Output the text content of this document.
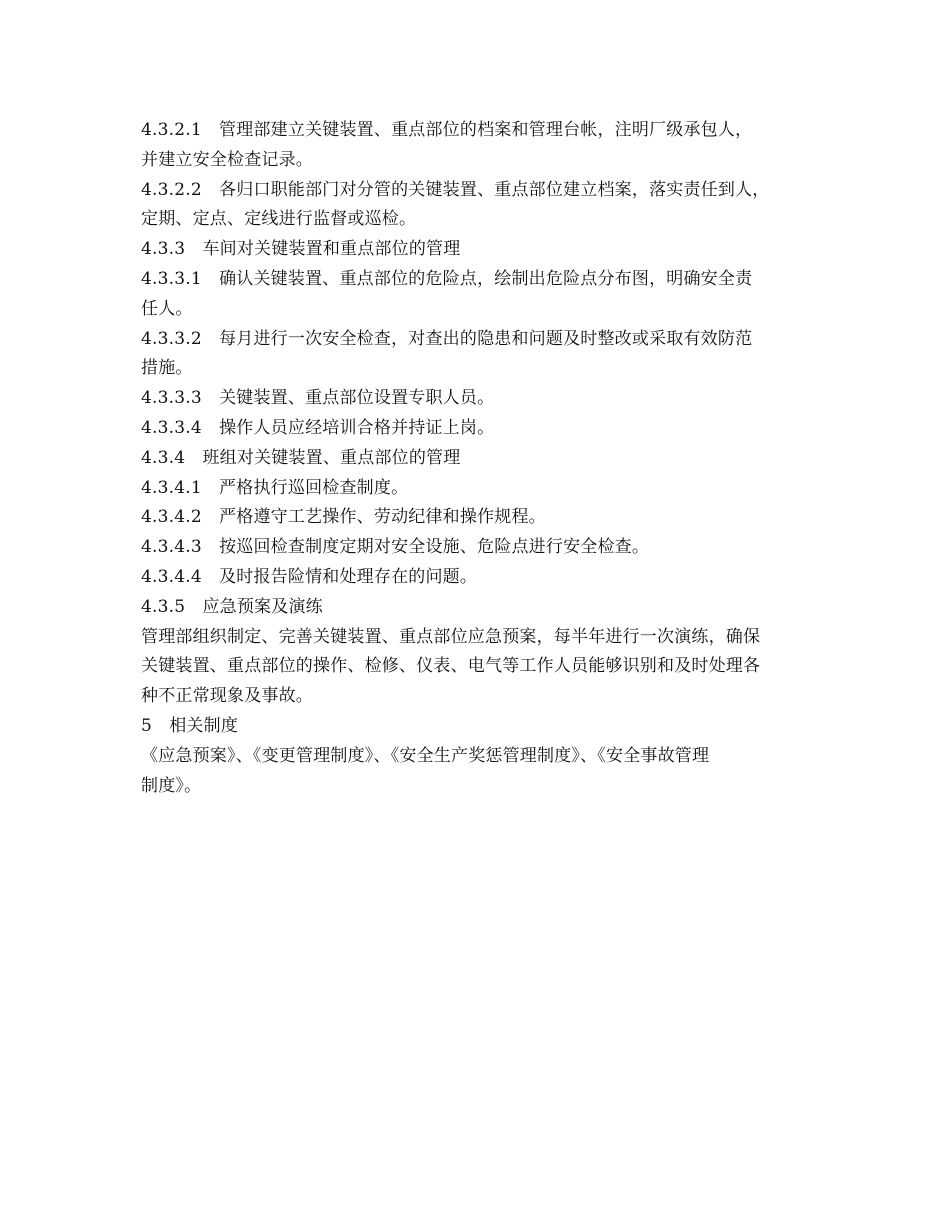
4.3.2.1　管理部建立关键装置、重点部位的档案和管理台帐，注明厂级承包人，

并建立安全检查记录。

4.3.2.2　各归口职能部门对分管的关键装置、重点部位建立档案，落实责任到人，

定期、定点、定线进行监督或巡检。

4.3.3　车间对关键装置和重点部位的管理

4.3.3.1　确认关键装置、重点部位的危险点，绘制出危险点分布图，明确安全责

任人。

4.3.3.2　每月进行一次安全检查，对查出的隐患和问题及时整改或采取有效防范

措施。

4.3.3.3　关键装置、重点部位设置专职人员。

4.3.3.4　操作人员应经培训合格并持证上岗。

4.3.4　班组对关键装置、重点部位的管理

4.3.4.1　严格执行巡回检查制度。

4.3.4.2　严格遵守工艺操作、劳动纪律和操作规程。

4.3.4.3　按巡回检查制度定期对安全设施、危险点进行安全检查。

4.3.4.4　及时报告险情和处理存在的问题。

4.3.5　应急预案及演练

管理部组织制定、完善关键装置、重点部位应急预案，每半年进行一次演练，确保

关键装置、重点部位的操作、检修、仪表、电气等工作人员能够识别和及时处理各

种不正常现象及事故。

5　相关制度

《应急预案》、《变更管理制度》、《安全生产奖惩管理制度》、《安全事故管理

制度》。
